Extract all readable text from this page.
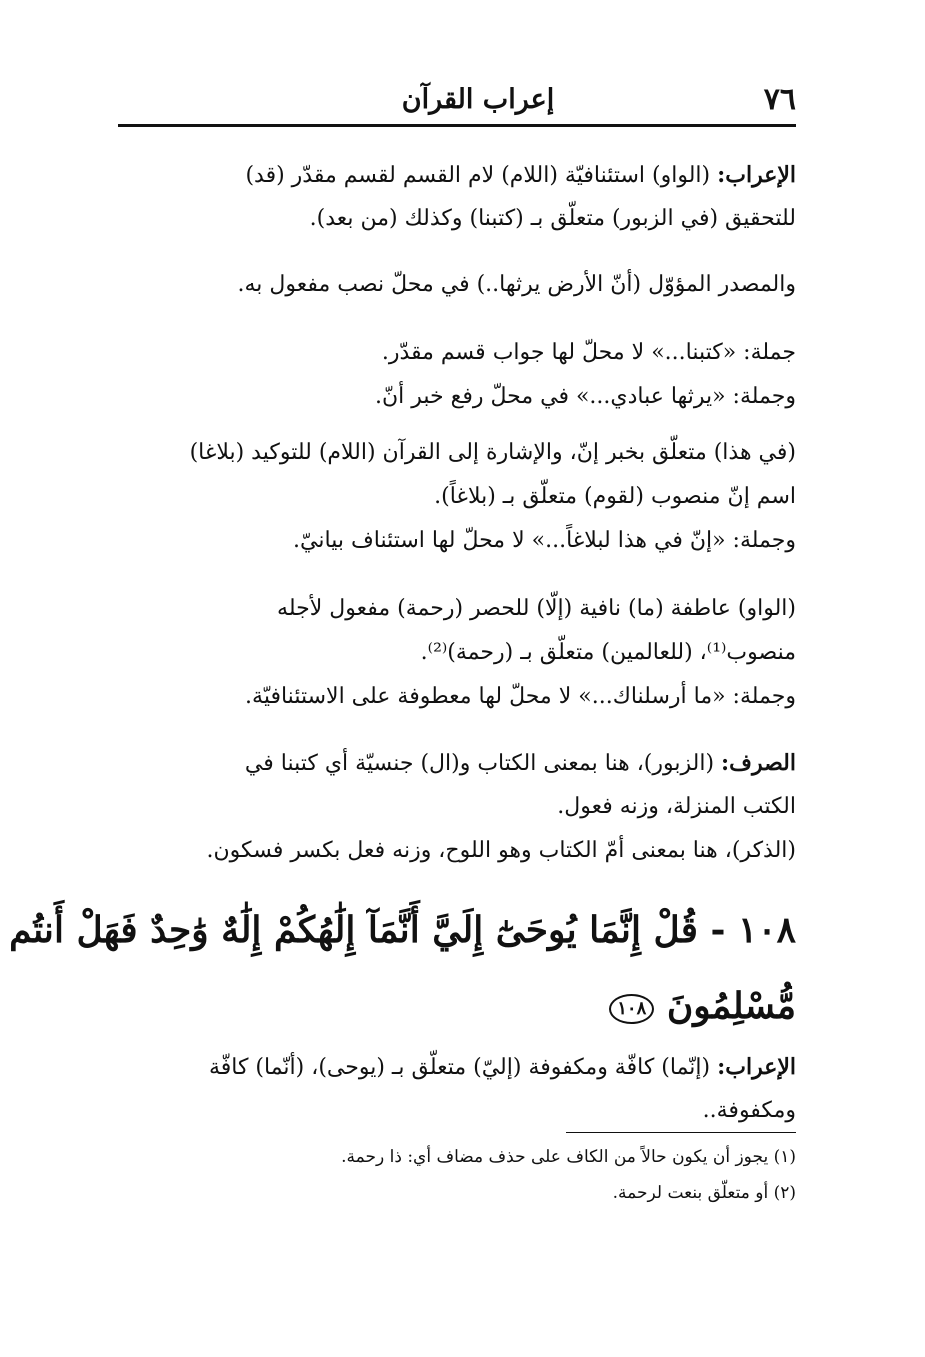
٧٦
إعراب القرآن
الإعراب: (الواو) استئنافيّة (اللام) لام القسم لقسم مقدّر (قد)
للتحقيق (في الزبور) متعلّق بـ (كتبنا) وكذلك (من بعد).
والمصدر المؤوّل (أنّ الأرض يرثها..) في محلّ نصب مفعول به.
جملة: «كتبنا...» لا محلّ لها جواب قسم مقدّر.
وجملة: «يرثها عبادي...» في محلّ رفع خبر أنّ.
(في هذا) متعلّق بخبر إنّ، والإشارة إلى القرآن (اللام) للتوكيد (بلاغا)
اسم إنّ منصوب (لقوم) متعلّق بـ (بلاغاً).
وجملة: «إنّ في هذا لبلاغاً...» لا محلّ لها استئناف بيانيّ.
(الواو) عاطفة (ما) نافية (إلّا) للحصر (رحمة) مفعول لأجله
منصوب⁽¹⁾، (للعالمين) متعلّق بـ (رحمة)⁽²⁾.
وجملة: «ما أرسلناك...» لا محلّ لها معطوفة على الاستئنافيّة.
الصرف: (الزبور)، هنا بمعنى الكتاب و(ال) جنسيّة أي كتبنا في
الكتب المنزلة، وزنه فعول.
(الذكر)، هنا بمعنى أمّ الكتاب وهو اللوح، وزنه فعل بكسر فسكون.
١٠٨ - قُلْ إِنَّمَا يُوحَىٰٓ إِلَيَّ أَنَّمَآ إِلَٰهُكُمْ إِلَٰهٌ وَٰحِدٌ فَهَلْ أَنتُم
مُّسْلِمُونَ ١٠٨
الإعراب: (إنّما) كافّة ومكفوفة (إليّ) متعلّق بـ (يوحى)، (أنّما) كافّة
ومكفوفة..
(١) يجوز أن يكون حالاً من الكاف على حذف مضاف أي: ذا رحمة.
(٢) أو متعلّق بنعت لرحمة.
